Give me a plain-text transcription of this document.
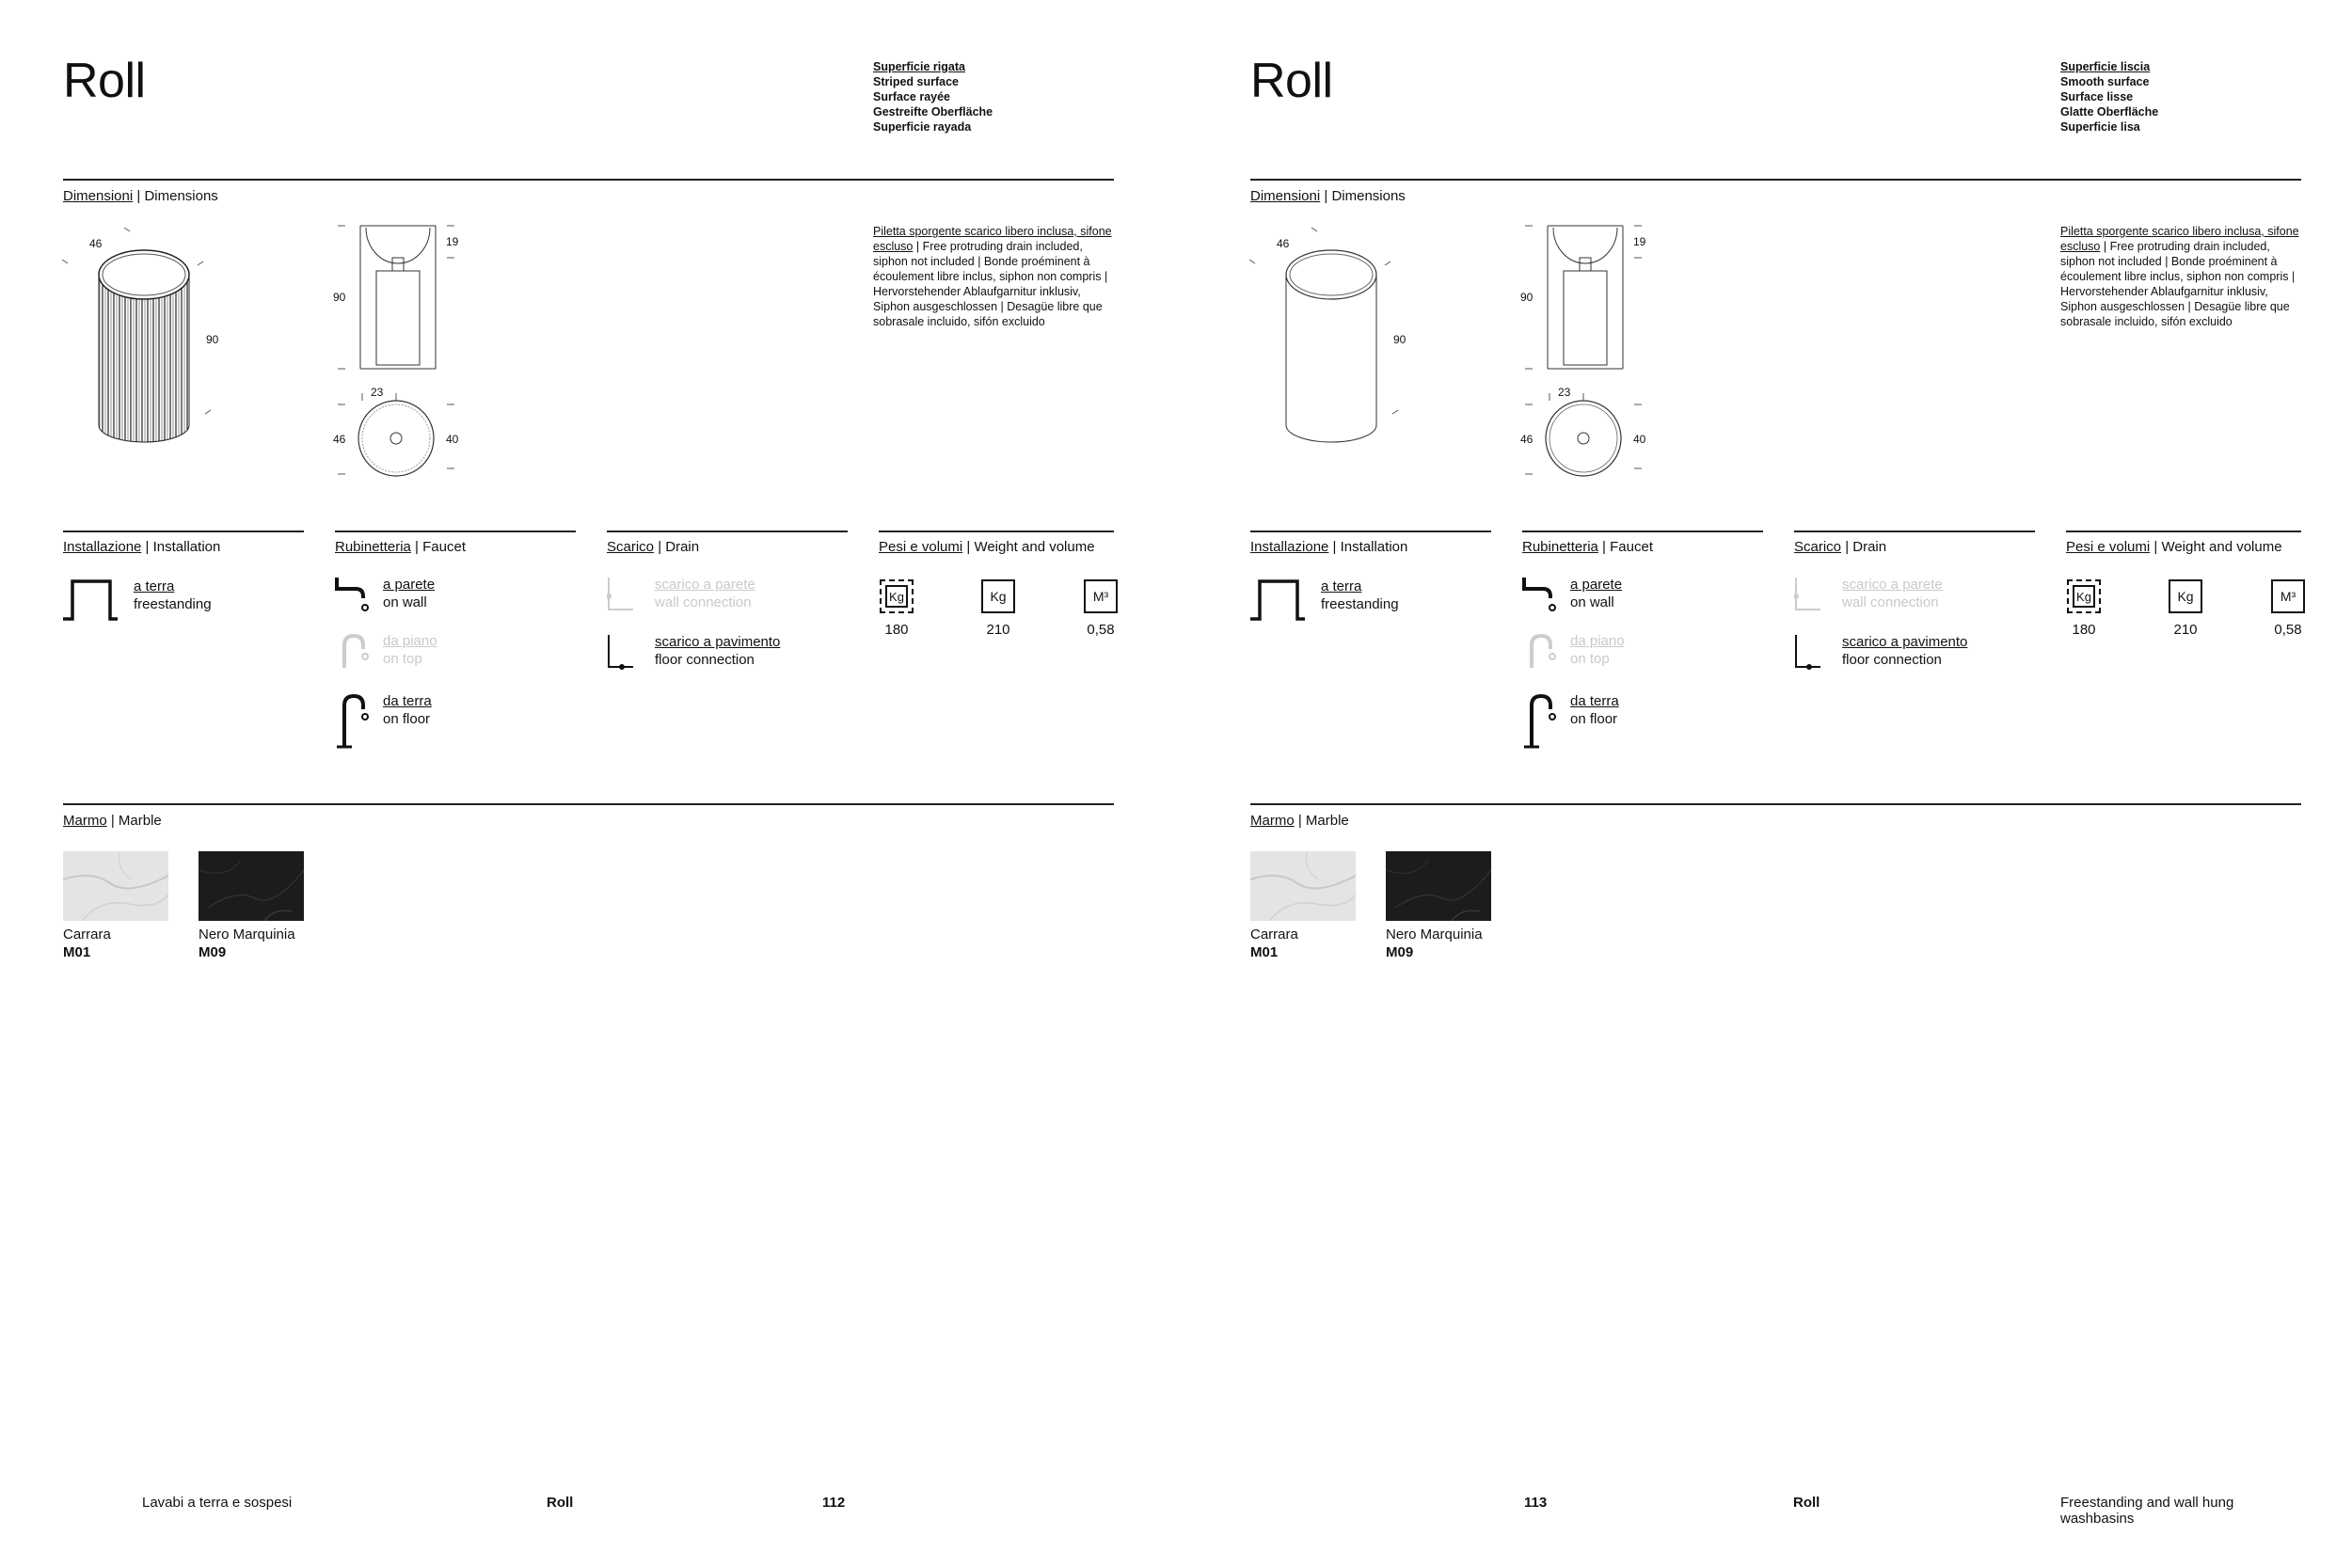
Roll	Superficie rigata
Striped surface
Surface rayée
Gestreifte Oberfläche
Superficie rayada
Dimensioni | Dimensions
46
90
19
90
23
46	40
Piletta sporgente scarico libero inclusa, sifone escluso | Free protruding drain included, siphon not included | Bonde proéminent à écoulement libre inclus, siphon non compris | Hervorstehender Ablaufgarnitur inklusiv, Siphon ausgeschlossen | Desagüe libre que sobrasale incluido, sifón excluido
Installazione | Installation
a terra
freestanding
Rubinetteria | Faucet
a parete
on wall
da piano
on top
da terra
on floor
Scarico | Drain
scarico a parete
wall connection
scarico a pavimento
floor connection
Pesi e volumi | Weight and volume
Kg
180
Kg
210
M³
0,58
Marmo | Marble
Carrara
M01
Nero Marquinia
M09
Lavabi a terra e sospesi	Roll	112
Roll	Superficie liscia
Smooth surface
Surface lisse
Glatte Oberfläche
Superficie lisa
Dimensioni | Dimensions
46
90
19
90
23
46	40
Piletta sporgente scarico libero inclusa, sifone escluso | Free protruding drain included, siphon not included | Bonde proéminent à écoulement libre inclus, siphon non compris | Hervorstehender Ablaufgarnitur inklusiv, Siphon ausgeschlossen | Desagüe libre que sobrasale incluido, sifón excluido
Installazione | Installation
a terra
freestanding
Rubinetteria | Faucet
a parete
on wall
da piano
on top
da terra
on floor
Scarico | Drain
scarico a parete
wall connection
scarico a pavimento
floor connection
Pesi e volumi | Weight and volume
Kg
180
Kg
210
M³
0,58
Marmo | Marble
Carrara
M01
Nero Marquinia
M09
113	Roll	Freestanding and wall hung washbasins
